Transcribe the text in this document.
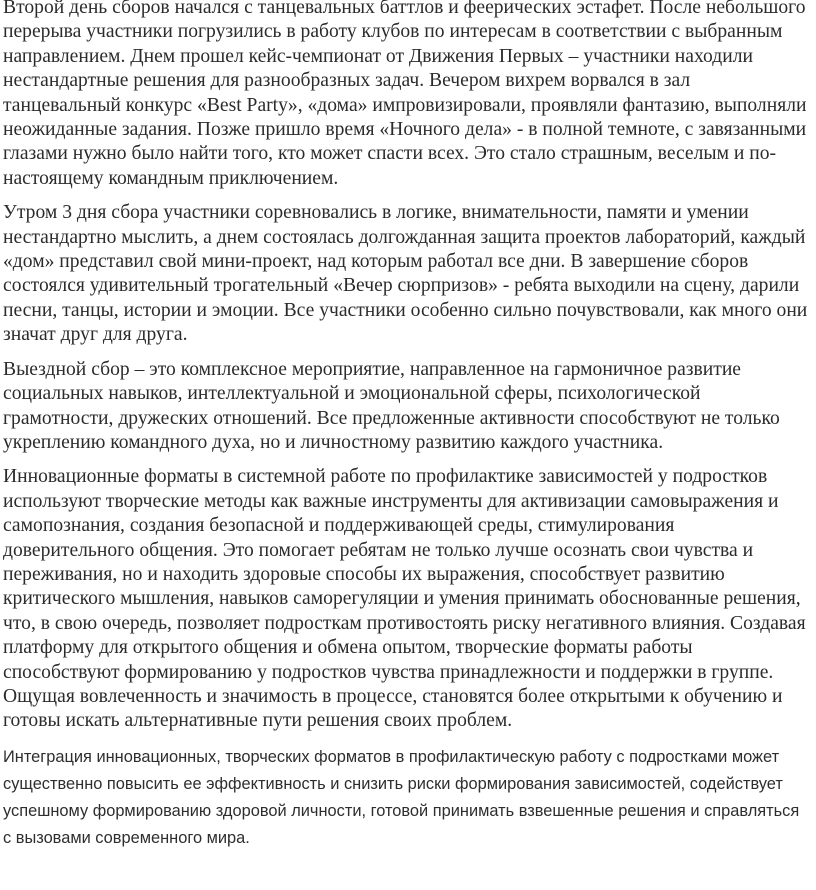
Второй день сборов начался с танцевальных баттлов и феерических эстафет. После небольшого перерыва участники погрузились в работу клубов по интересам в соответствии с выбранным направлением. Днем прошел кейс-чемпионат от Движения Первых – участники находили нестандартные решения для разнообразных задач. Вечером вихрем ворвался в зал танцевальный конкурс «Best Party», «дома» импровизировали, проявляли фантазию, выполняли неожиданные задания. Позже пришло время «Ночного дела» - в полной темноте, с завязанными глазами нужно было найти того, кто может спасти всех. Это стало страшным, веселым и по-настоящему командным приключением.

Утром 3 дня сбора участники соревновались в логике, внимательности, памяти и умении нестандартно мыслить, а днем состоялась долгожданная защита проектов лабораторий, каждый «дом» представил свой мини-проект, над которым работал все дни. В завершение сборов состоялся удивительный трогательный «Вечер сюрпризов» - ребята выходили на сцену, дарили песни, танцы, истории и эмоции. Все участники особенно сильно почувствовали, как много они значат друг для друга.

Выездной сбор – это комплексное мероприятие, направленное на гармоничное развитие социальных навыков, интеллектуальной и эмоциональной сферы, психологической грамотности, дружеских отношений. Все предложенные активности способствуют не только укреплению командного духа, но и личностному развитию каждого участника.

Инновационные форматы в системной работе по профилактике зависимостей у подростков используют творческие методы как важные инструменты для активизации самовыражения и самопознания, создания безопасной и поддерживающей среды, стимулирования доверительного общения. Это помогает ребятам не только лучше осознать свои чувства и переживания, но и находить здоровые способы их выражения, способствует развитию критического мышления, навыков саморегуляции и умения принимать обоснованные решения, что, в свою очередь, позволяет подросткам противостоять риску негативного влияния. Создавая платформу для открытого общения и обмена опытом, творческие форматы работы способствуют формированию у подростков чувства принадлежности и поддержки в группе. Ощущая вовлеченность и значимость в процессе, становятся более открытыми к обучению и готовы искать альтернативные пути решения своих проблем.

Интеграция инновационных, творческих форматов в профилактическую работу с подростками может существенно повысить ее эффективность и снизить риски формирования зависимостей, содействует успешному формированию здоровой личности, готовой принимать взвешенные решения и справляться с вызовами современного мира.
